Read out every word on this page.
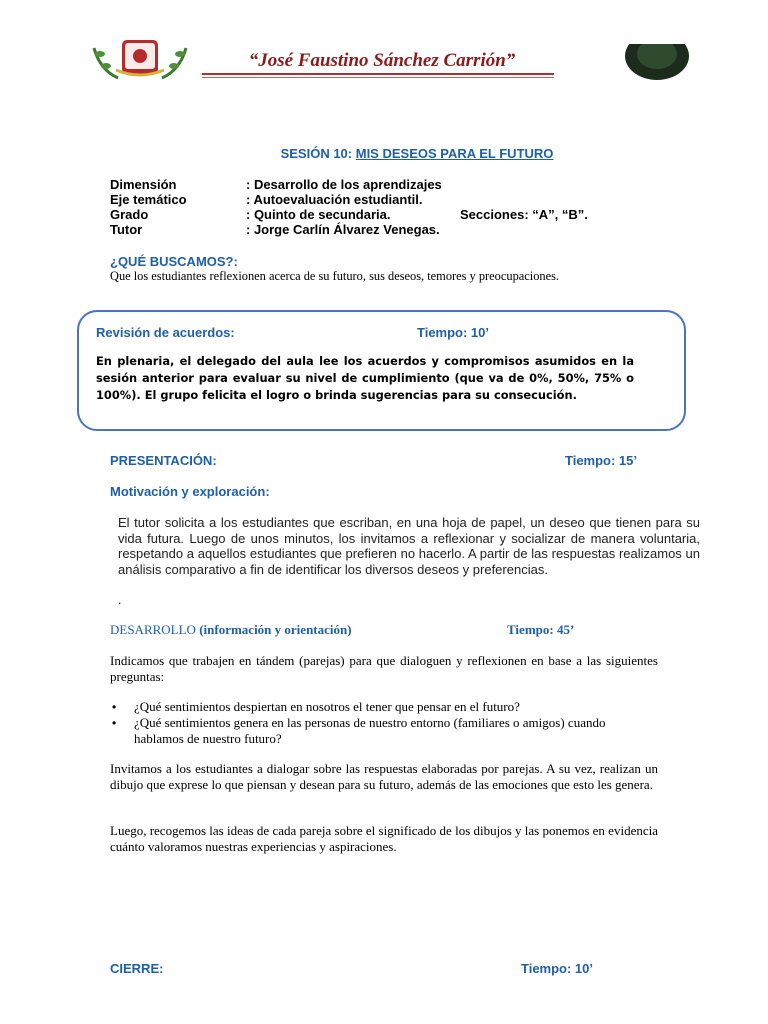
“José Faustino Sánchez Carrión”
SESIÓN 10: MIS DESEOS PARA EL FUTURO
Dimensión	: Desarrollo de los aprendizajes
Eje temático	: Autoevaluación estudiantil.
Grado	: Quinto de secundaria.	Secciones: “A”, “B”.
Tutor	: Jorge Carlín Álvarez Venegas.
¿QUÉ BUSCAMOS?:
Que los estudiantes reflexionen acerca de su futuro, sus deseos, temores y preocupaciones.
Revisión de acuerdos:	Tiempo: 10’
En plenaria, el delegado del aula lee los acuerdos y compromisos asumidos en la sesión anterior para evaluar su nivel de cumplimiento (que va de 0%, 50%, 75% o 100%). El grupo felicita el logro o brinda sugerencias para su consecución.
PRESENTACIÓN:	Tiempo: 15’
Motivación y exploración:
El tutor solicita a los estudiantes que escriban, en una hoja de papel, un deseo que tienen para su vida futura. Luego de unos minutos, los invitamos a reflexionar y socializar de manera voluntaria, respetando a aquellos estudiantes que prefieren no hacerlo. A partir de las respuestas realizamos un análisis comparativo a fin de identificar los diversos deseos y preferencias.
.
DESARROLLO (información y orientación)	Tiempo: 45’
Indicamos que trabajen en tándem (parejas) para que dialoguen y reflexionen en base a las siguientes preguntas:
• ¿Qué sentimientos despiertan en nosotros el tener que pensar en el futuro?
• ¿Qué sentimientos genera en las personas de nuestro entorno (familiares o amigos) cuando hablamos de nuestro futuro?
Invitamos a los estudiantes a dialogar sobre las respuestas elaboradas por parejas. A su vez, realizan un dibujo que exprese lo que piensan y desean para su futuro, además de las emociones que esto les genera.
Luego, recogemos las ideas de cada pareja sobre el significado de los dibujos y las ponemos en evidencia cuánto valoramos nuestras experiencias y aspiraciones.
CIERRE:	Tiempo: 10’
